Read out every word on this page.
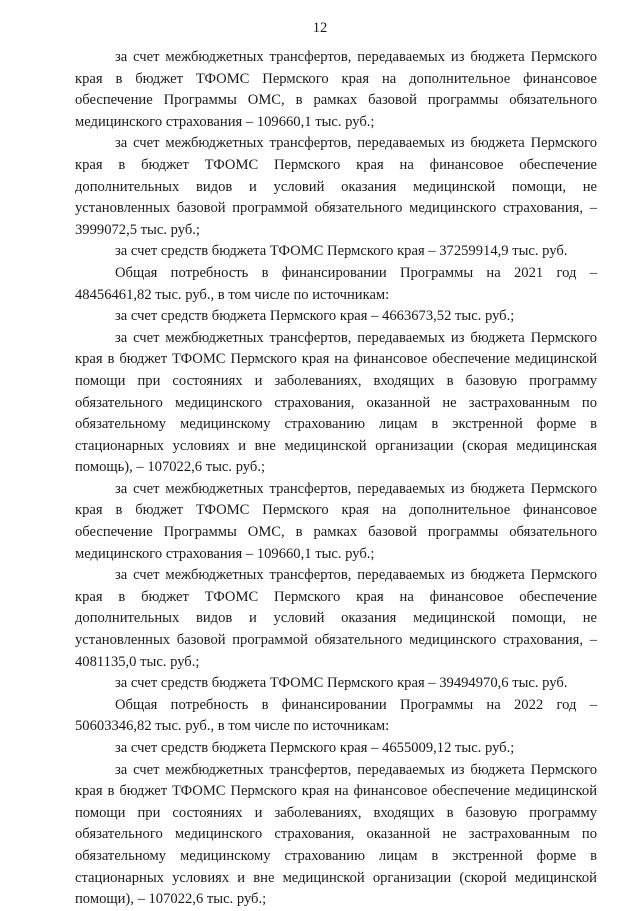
12

за счет межбюджетных трансфертов, передаваемых из бюджета Пермского края в бюджет ТФОМС Пермского края на дополнительное финансовое обеспечение Программы ОМС, в рамках базовой программы обязательного медицинского страхования – 109660,1 тыс. руб.;

за счет межбюджетных трансфертов, передаваемых из бюджета Пермского края в бюджет ТФОМС Пермского края на финансовое обеспечение дополнительных видов и условий оказания медицинской помощи, не установленных базовой программой обязательного медицинского страхования, – 3999072,5 тыс. руб.;

за счет средств бюджета ТФОМС Пермского края – 37259914,9 тыс. руб.

Общая потребность в финансировании Программы на 2021 год – 48456461,82 тыс. руб., в том числе по источникам:

за счет средств бюджета Пермского края – 4663673,52 тыс. руб.;

за счет межбюджетных трансфертов, передаваемых из бюджета Пермского края в бюджет ТФОМС Пермского края на финансовое обеспечение медицинской помощи при состояниях и заболеваниях, входящих в базовую программу обязательного медицинского страхования, оказанной не застрахованным по обязательному медицинскому страхованию лицам в экстренной форме в стационарных условиях и вне медицинской организации (скорая медицинская помощь), – 107022,6 тыс. руб.;

за счет межбюджетных трансфертов, передаваемых из бюджета Пермского края в бюджет ТФОМС Пермского края на дополнительное финансовое обеспечение Программы ОМС, в рамках базовой программы обязательного медицинского страхования – 109660,1 тыс. руб.;

за счет межбюджетных трансфертов, передаваемых из бюджета Пермского края в бюджет ТФОМС Пермского края на финансовое обеспечение дополнительных видов и условий оказания медицинской помощи, не установленных базовой программой обязательного медицинского страхования, – 4081135,0 тыс. руб.;

за счет средств бюджета ТФОМС Пермского края – 39494970,6 тыс. руб.

Общая потребность в финансировании Программы на 2022 год – 50603346,82 тыс. руб., в том числе по источникам:

за счет средств бюджета Пермского края – 4655009,12 тыс. руб.;

за счет межбюджетных трансфертов, передаваемых из бюджета Пермского края в бюджет ТФОМС Пермского края на финансовое обеспечение медицинской помощи при состояниях и заболеваниях, входящих в базовую программу обязательного медицинского страхования, оказанной не застрахованным по обязательному медицинскому страхованию лицам в экстренной форме в стационарных условиях и вне медицинской организации (скорой медицинской помощи), – 107022,6 тыс. руб.;
